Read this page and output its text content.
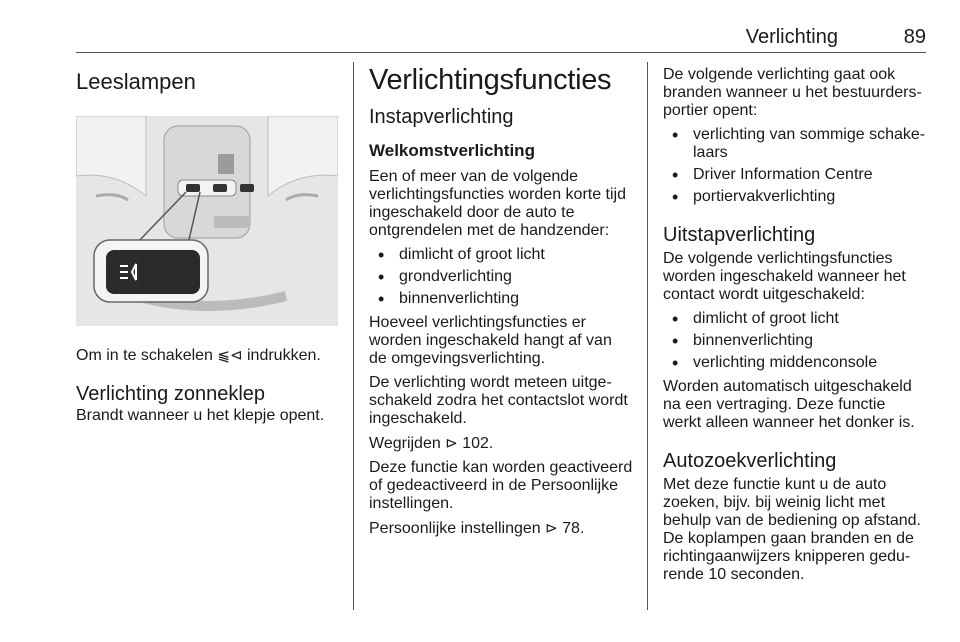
Verlichting	89
Leeslampen

Om in te schakelen ⫹⊲ indrukken.

Verlichting zonneklep

Brandt wanneer u het klepje opent.

Verlichtingsfuncties
Instapverlichting
Welkomstverlichting

Een of meer van de volgende verlichtingsfuncties worden korte tijd ingeschakeld door de auto te ontgrendelen met de handzender:

• dimlicht of groot licht
• grondverlichting
• binnenverlichting

Hoeveel verlichtingsfuncties er worden ingeschakeld hangt af van de omgevingsverlichting.

De verlichting wordt meteen uitgeschakeld zodra het contactslot wordt ingeschakeld.

Wegrijden ⊳ 102.

Deze functie kan worden geactiveerd of gedeactiveerd in de Persoonlijke instellingen.

Persoonlijke instellingen ⊳ 78.

De volgende verlichting gaat ook branden wanneer u het bestuurdersportier opent:

• verlichting van sommige schakelaars
• Driver Information Centre
• portiervakverlichting
Uitstapverlichting

De volgende verlichtingsfuncties worden ingeschakeld wanneer het contact wordt uitgeschakeld:

• dimlicht of groot licht
• binnenverlichting
• verlichting middenconsole

Worden automatisch uitgeschakeld na een vertraging. Deze functie werkt alleen wanneer het donker is.

Autozoekverlichting

Met deze functie kunt u de auto zoeken, bijv. bij weinig licht met behulp van de bediening op afstand. De koplampen gaan branden en de richtingaanwijzers knipperen gedurende 10 seconden.
